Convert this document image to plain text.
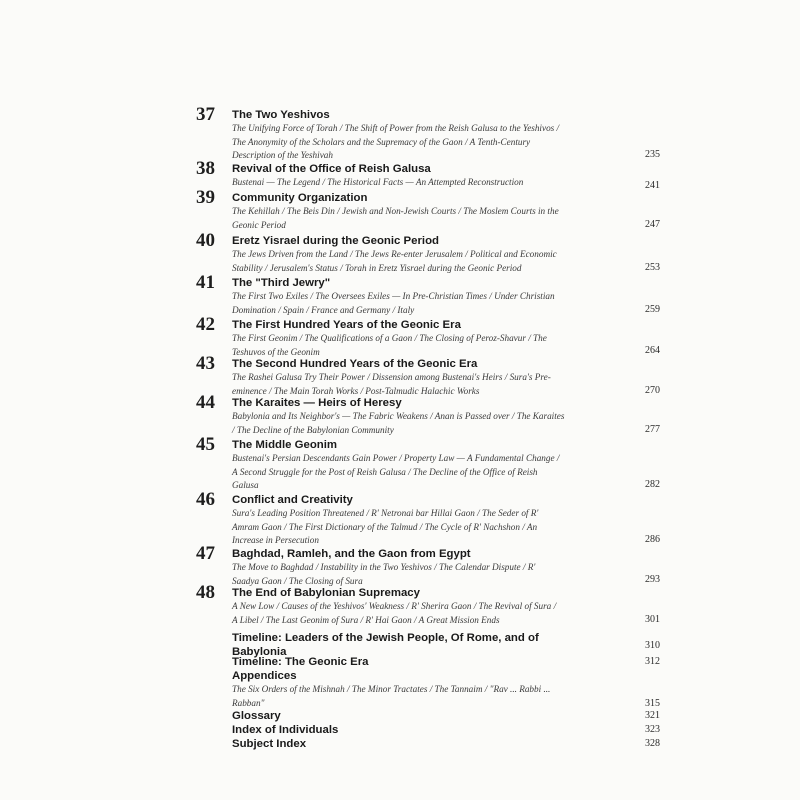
37	The Two Yeshivos
The Unifying Force of Torah / The Shift of Power from the Reish Galusa to the Yeshivos /
The Anonymity of the Scholars and the Supremacy of the Gaon / A Tenth-Century
Description of the Yeshivah	235
38	Revival of the Office of Reish Galusa
Bustenai — The Legend / The Historical Facts — An Attempted Reconstruction	241
39	Community Organization
The Kehillah / The Beis Din / Jewish and Non-Jewish Courts / The Moslem Courts in the
Geonic Period	247
40	Eretz Yisrael during the Geonic Period
The Jews Driven from the Land / The Jews Re-enter Jerusalem / Political and Economic
Stability / Jerusalem's Status / Torah in Eretz Yisrael during the Geonic Period	253
41	The "Third Jewry"
The First Two Exiles / The Oversees Exiles — In Pre-Christian Times / Under Christian
Domination / Spain / France and Germany / Italy	259
42	The First Hundred Years of the Geonic Era
The First Geonim / The Qualifications of a Gaon / The Closing of Peroz-Shavur / The
Teshuvos of the Geonim	264
43	The Second Hundred Years of the Geonic Era
The Rashei Galusa Try Their Power / Dissension among Bustenai's Heirs / Sura's Pre-
eminence / The Main Torah Works / Post-Talmudic Halachic Works	270
44	The Karaites — Heirs of Heresy
Babylonia and Its Neighbor's — The Fabric Weakens / Anan is Passed over / The Karaites
/ The Decline of the Babylonian Community	277
45	The Middle Geonim
Bustenai's Persian Descendants Gain Power / Property Law — A Fundamental Change /
A Second Struggle for the Post of Reish Galusa / The Decline of the Office of Reish
Galusa	282
46	Conflict and Creativity
Sura's Leading Position Threatened / R' Netronai bar Hillai Gaon / The Seder of R'
Amram Gaon / The First Dictionary of the Talmud / The Cycle of R' Nachshon / An
Increase in Persecution	286
47	Baghdad, Ramleh, and the Gaon from Egypt
The Move to Baghdad / Instability in the Two Yeshivos / The Calendar Dispute / R'
Saadya Gaon / The Closing of Sura	293
48	The End of Babylonian Supremacy
A New Low / Causes of the Yeshivos' Weakness / R' Sherira Gaon / The Revival of Sura /
A Libel / The Last Geonim of Sura / R' Hai Gaon / A Great Mission Ends	301
Timeline: Leaders of the Jewish People, Of Rome, and of
Babylonia
310
Timeline: The Geonic Era	312
Appendices
The Six Orders of the Mishnah / The Minor Tractates / The Tannaim / "Rav ... Rabbi ...
Rabban"	315
Glossary	321
Index of Individuals	323
Subject Index	328
